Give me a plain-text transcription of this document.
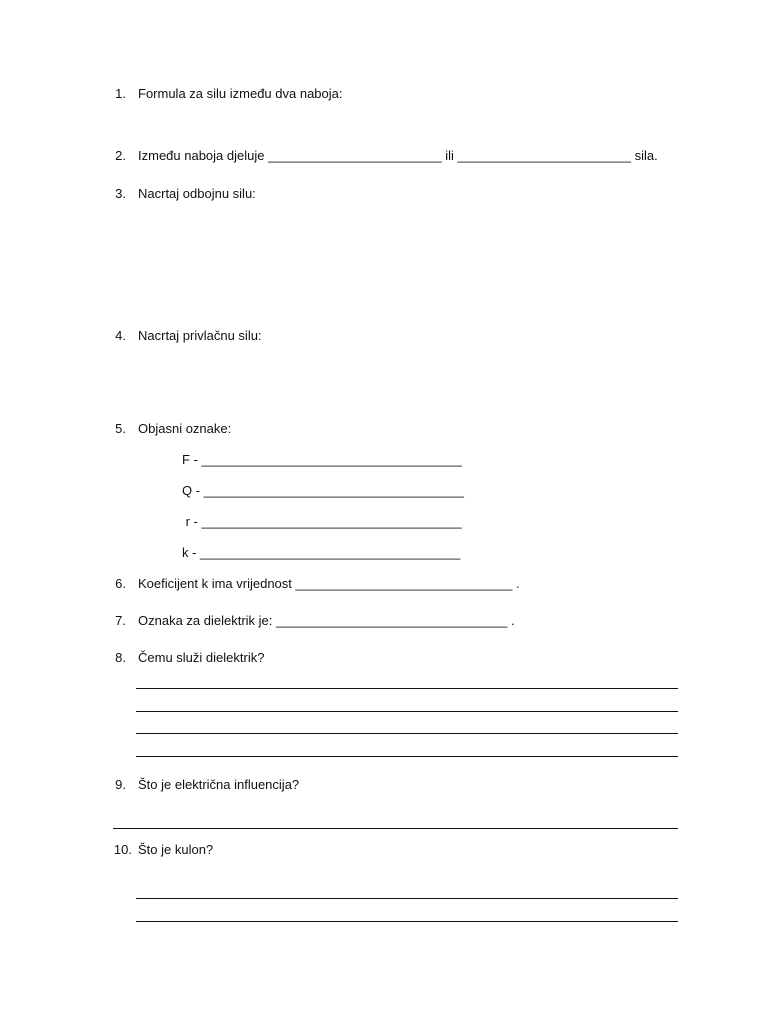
1. Formula za silu između dva naboja:
2. Između naboja djeluje ________________________ ili ________________________ sila.
3. Nacrtaj odbojnu silu:
4. Nacrtaj privlačnu silu:
5. Objasni oznake:
F - ____________________________________
Q - ____________________________________
r - ____________________________________
k - ____________________________________
6. Koeficijent k ima vrijednost ______________________________ .
7. Oznaka za dielektrik je: ________________________________ .
8. Čemu služi dielektrik?
9. Što je električna influencija?
10. Što je kulon?
